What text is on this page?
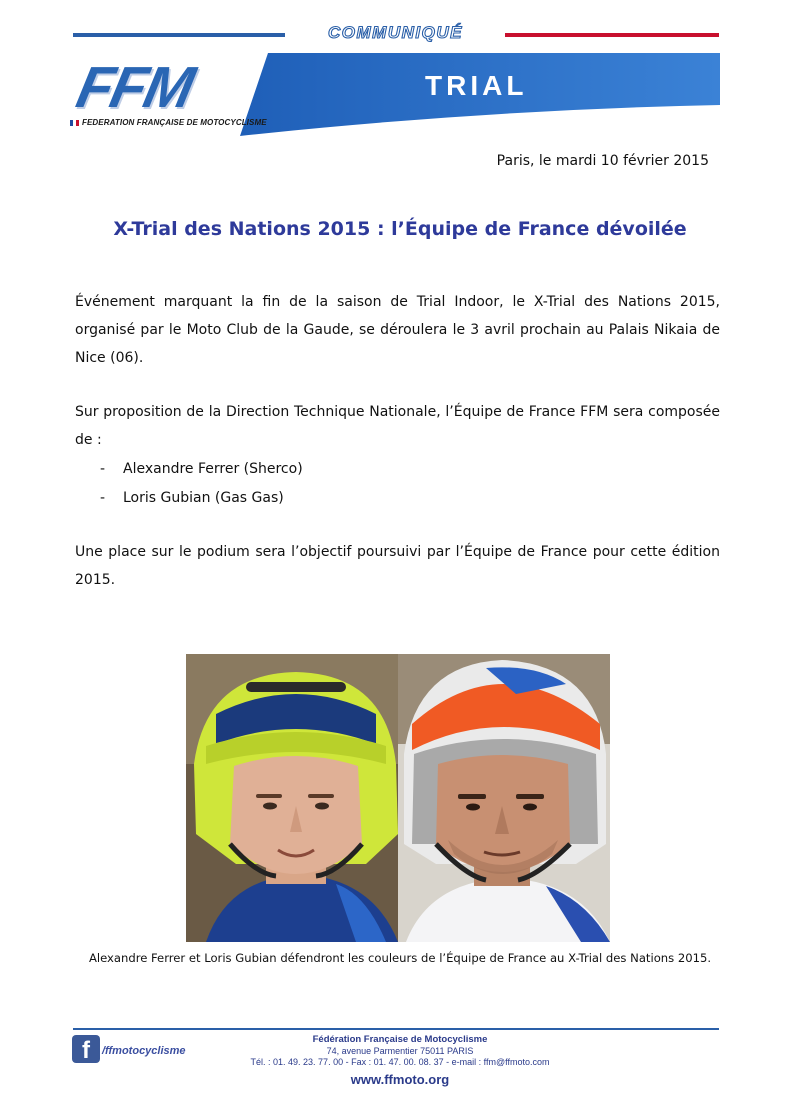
COMMUNIQUÉ
TRIAL
FFM
FEDERATION FRANÇAISE DE MOTOCYCLISME
Paris, le mardi 10 février 2015
X-Trial des Nations 2015 : l’Équipe de France dévoilée

Événement marquant la fin de la saison de Trial Indoor, le X-Trial des Nations 2015, organisé par le Moto Club de la Gaude, se déroulera le 3 avril prochain au Palais Nikaia de Nice (06).

Sur proposition de la Direction Technique Nationale, l’Équipe de France FFM sera composée de :

-	Alexandre Ferrer (Sherco)
-	Loris Gubian (Gas Gas)

Une place sur le podium sera l’objectif poursuivi par l’Équipe de France pour cette édition 2015.

Alexandre Ferrer et Loris Gubian défendront les couleurs de l’Équipe de France au X-Trial des Nations 2015.
f	/ffmotocyclisme
Fédération Française de Motocyclisme
74, avenue Parmentier 75011 PARIS
Tél. : 01. 49. 23. 77. 00 - Fax : 01. 47. 00. 08. 37 - e-mail : ffm@ffmoto.com
www.ffmoto.org
